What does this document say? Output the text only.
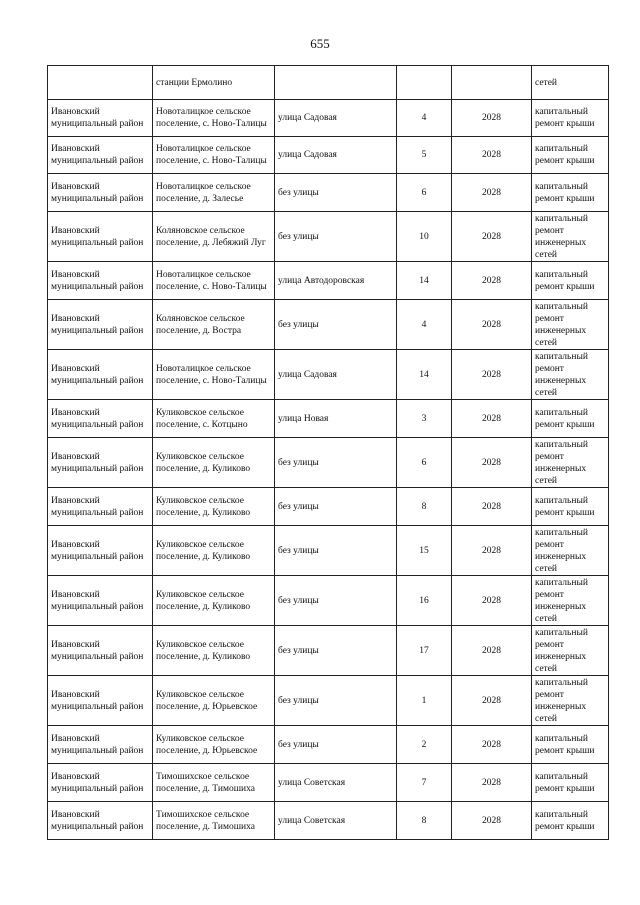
655
	станции Ермолино				сетей
Ивановский муниципальный район	Новоталицкое сельское поселение, с. Ново-Талицы	улица Садовая	4	2028	капитальный ремонт крыши
Ивановский муниципальный район	Новоталицкое сельское поселение, с. Ново-Талицы	улица Садовая	5	2028	капитальный ремонт крыши
Ивановский муниципальный район	Новоталицкое сельское поселение, д. Залесье	без улицы	6	2028	капитальный ремонт крыши
Ивановский муниципальный район	Коляновское сельское поселение, д. Лебяжий Луг	без улицы	10	2028	капитальный ремонт инженерных сетей
Ивановский муниципальный район	Новоталицкое сельское поселение, с. Ново-Талицы	улица Автодоровская	14	2028	капитальный ремонт крыши
Ивановский муниципальный район	Коляновское сельское поселение, д. Востра	без улицы	4	2028	капитальный ремонт инженерных сетей
Ивановский муниципальный район	Новоталицкое сельское поселение, с. Ново-Талицы	улица Садовая	14	2028	капитальный ремонт инженерных сетей
Ивановский муниципальный район	Куликовское сельское поселение, с. Котцыно	улица Новая	3	2028	капитальный ремонт крыши
Ивановский муниципальный район	Куликовское сельское поселение, д. Куликово	без улицы	6	2028	капитальный ремонт инженерных сетей
Ивановский муниципальный район	Куликовское сельское поселение, д. Куликово	без улицы	8	2028	капитальный ремонт крыши
Ивановский муниципальный район	Куликовское сельское поселение, д. Куликово	без улицы	15	2028	капитальный ремонт инженерных сетей
Ивановский муниципальный район	Куликовское сельское поселение, д. Куликово	без улицы	16	2028	капитальный ремонт инженерных сетей
Ивановский муниципальный район	Куликовское сельское поселение, д. Куликово	без улицы	17	2028	капитальный ремонт инженерных сетей
Ивановский муниципальный район	Куликовское сельское поселение, д. Юрьевское	без улицы	1	2028	капитальный ремонт инженерных сетей
Ивановский муниципальный район	Куликовское сельское поселение, д. Юрьевское	без улицы	2	2028	капитальный ремонт крыши
Ивановский муниципальный район	Тимошихское сельское поселение, д. Тимошиха	улица Советская	7	2028	капитальный ремонт крыши
Ивановский муниципальный район	Тимошихское сельское поселение, д. Тимошиха	улица Советская	8	2028	капитальный ремонт крыши
